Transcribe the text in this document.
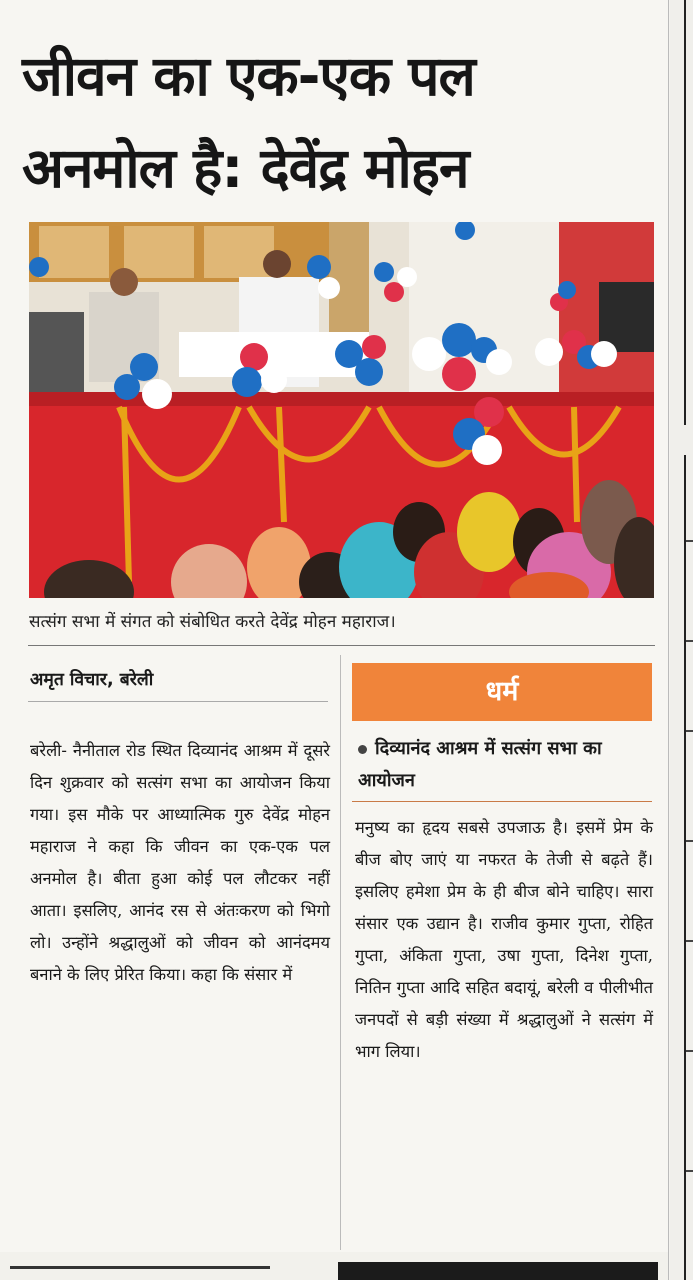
जीवन का एक-एक पल
अनमोल है: देवेंद्र मोहन
सत्संग सभा में संगत को संबोधित करते देवेंद्र मोहन महाराज।
अमृत विचार, बरेली

बरेली- नैनीताल रोड स्थित दिव्यानंद आश्रम में दूसरे दिन शुक्रवार को सत्संग सभा का आयोजन किया गया। इस मौके पर आध्यात्मिक गुरु देवेंद्र मोहन महाराज ने कहा कि जीवन का एक-एक पल अनमोल है। बीता हुआ कोई पल लौटकर नहीं आता। इसलिए, आनंद रस से अंतःकरण को भिगो लो। उन्होंने श्रद्धालुओं को जीवन को आनंदमय बनाने के लिए प्रेरित किया। कहा कि संसार में

धर्म
दिव्यानंद आश्रम में सत्संग सभा का आयोजन

मनुष्य का हृदय सबसे उपजाऊ है। इसमें प्रेम के बीज बोए जाएं या नफरत के तेजी से बढ़ते हैं। इसलिए हमेशा प्रेम के ही बीज बोने चाहिए। सारा संसार एक उद्यान है। राजीव कुमार गुप्ता, रोहित गुप्ता, अंकिता गुप्ता, उषा गुप्ता, दिनेश गुप्ता, नितिन गुप्ता आदि सहित बदायूं, बरेली व पीलीभीत जनपदों से बड़ी संख्या में श्रद्धालुओं ने सत्संग में भाग लिया।
